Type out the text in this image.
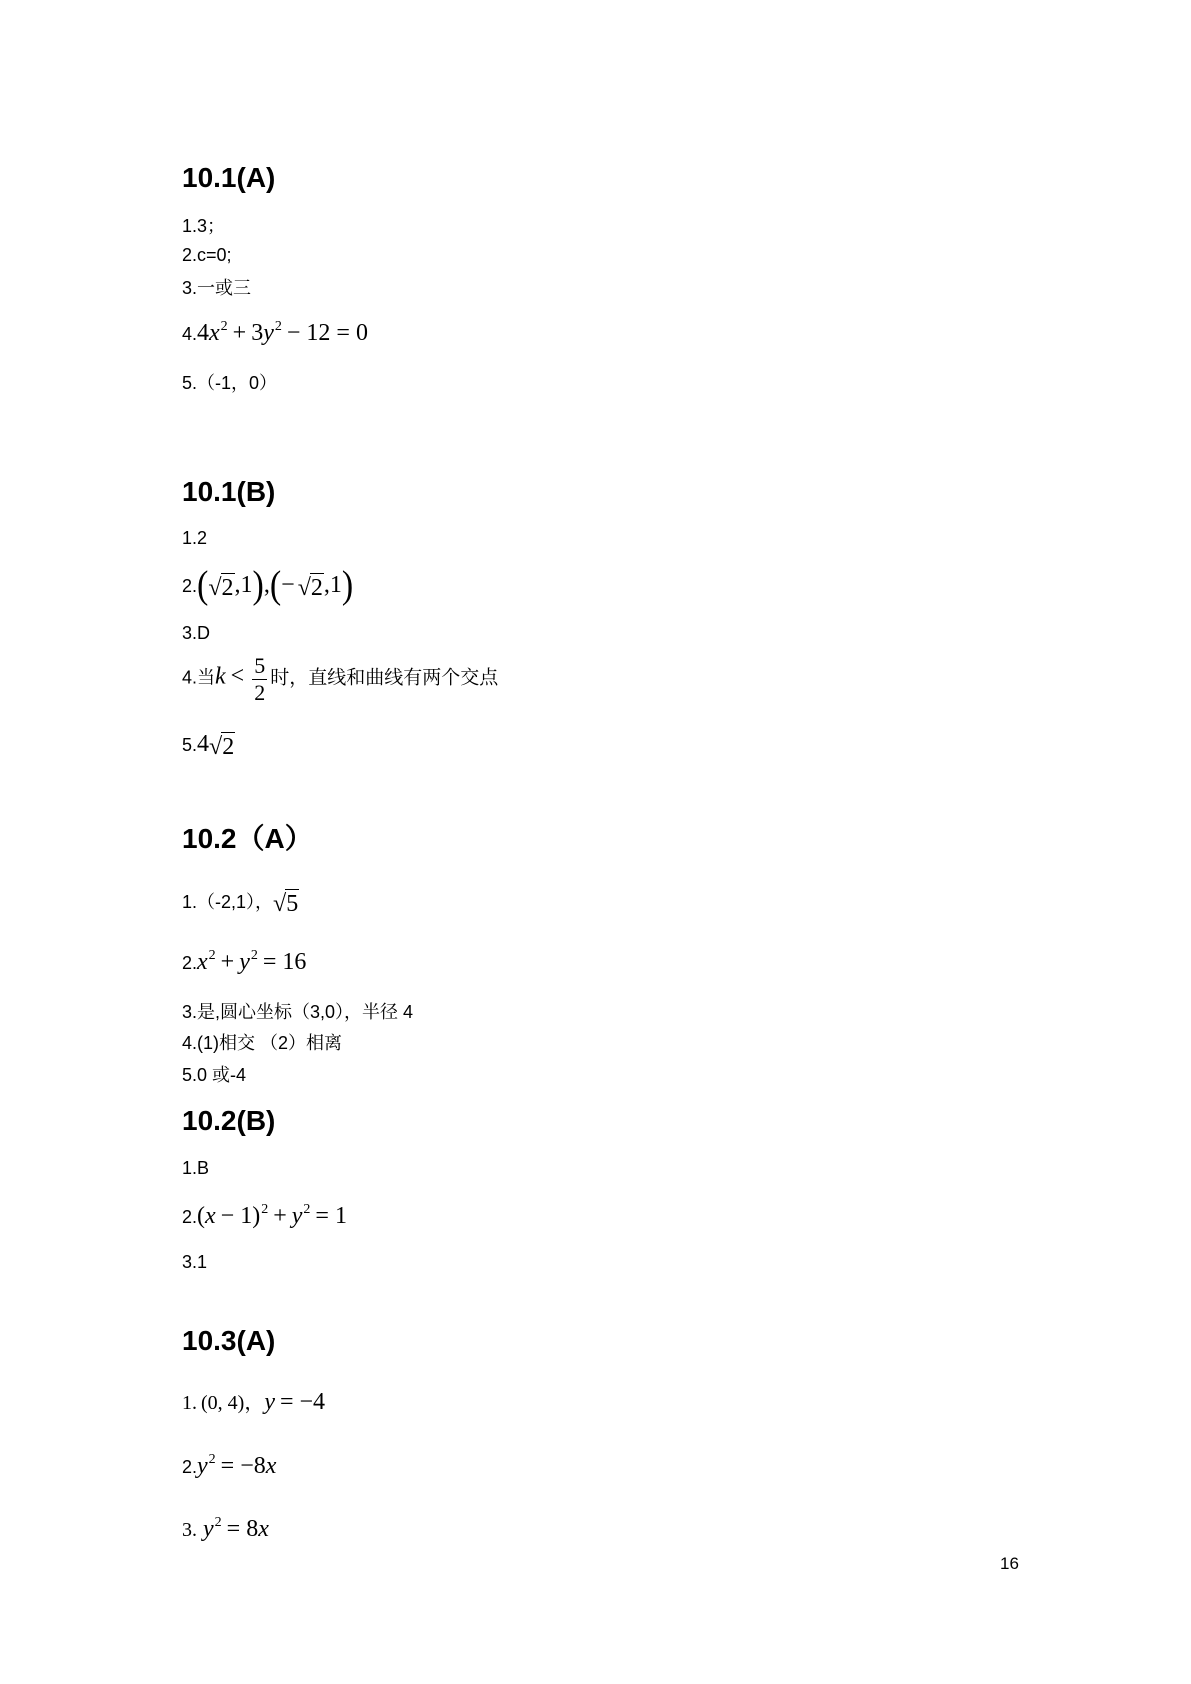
10.1(A)
1.3；
2.c=0;
3.一或三
$4.4x^2 + 3y^2 - 12 = 0$
5.（-1，0）
10.1(B)
1.2
2.( √ 2 ,1),(− √ 2 ,1)
3.D
4.当$k < \frac{5}{2}$ 时，直线和曲线有两个交点
5.4 √ 2
10.2（A）
1.（-2,1）， √ 5
$2.x^2 + y^2 = 16$
3.是,圆心坐标（3,0），半径 4
4.(1)相交 （2）相离
5.0 或-4
10.2(B)
1.B
$2.(x - 1)^2 + y^2 = 1$
3.1
10.3(A)
1. (0, 4)，y = −4
$2.y^2 = -8x$
3. $y^2 = 8x$
16
